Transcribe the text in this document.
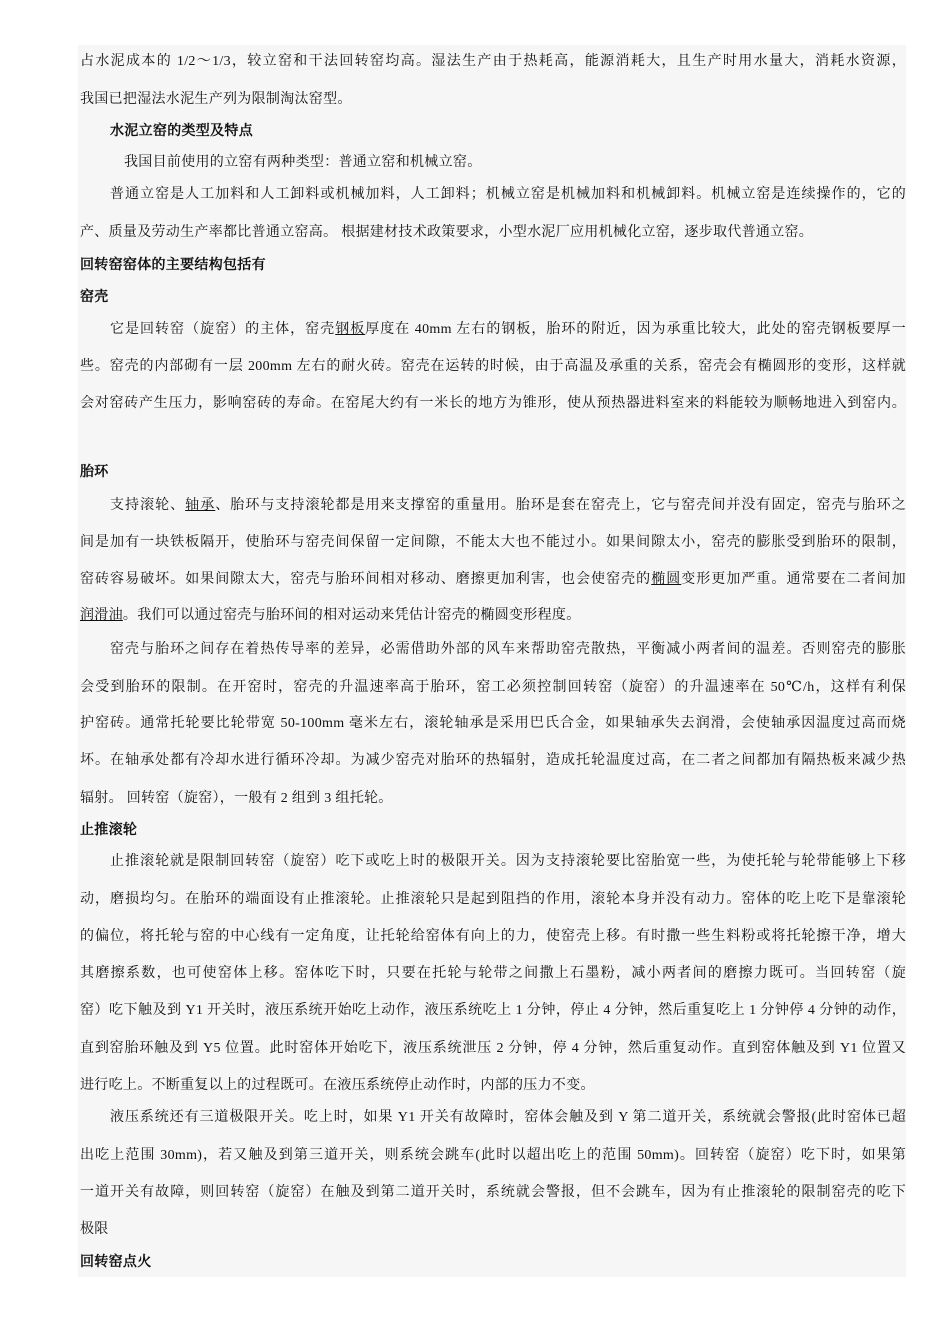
占水泥成本的 1/2～1/3，较立窑和干法回转窑均高。湿法生产由于热耗高，能源消耗大，且生产时用水量大，消耗水资源，
我国已把湿法水泥生产列为限制淘汰窑型。
水泥立窑的类型及特点
我国目前使用的立窑有两种类型：普通立窑和机械立窑。
普通立窑是人工加料和人工卸料或机械加料，人工卸料；机械立窑是机械加料和机械卸料。机械立窑是连续操作的，它的
产、质量及劳动生产率都比普通立窑高。 根据建材技术政策要求，小型水泥厂应用机械化立窑，逐步取代普通立窑。
回转窑窑体的主要结构包括有
窑壳
它是回转窑（旋窑）的主体，窑壳钢板厚度在 40mm 左右的钢板，胎环的附近，因为承重比较大，此处的窑壳钢板要厚一
些。窑壳的内部砌有一层 200mm 左右的耐火砖。窑壳在运转的时候，由于高温及承重的关系，窑壳会有椭圆形的变形，这样就
会对窑砖产生压力，影响窑砖的寿命。在窑尾大约有一米长的地方为锥形，使从预热器进料室来的料能较为顺畅地进入到窑内。
胎环
支持滚轮、轴承、胎环与支持滚轮都是用来支撑窑的重量用。胎环是套在窑壳上，它与窑壳间并没有固定，窑壳与胎环之
间是加有一块铁板隔开，使胎环与窑壳间保留一定间隙，不能太大也不能过小。如果间隙太小，窑壳的膨胀受到胎环的限制，
窑砖容易破坏。如果间隙太大，窑壳与胎环间相对移动、磨擦更加利害，也会使窑壳的椭圆变形更加严重。通常要在二者间加
润滑油。我们可以通过窑壳与胎环间的相对运动来凭估计窑壳的椭圆变形程度。
窑壳与胎环之间存在着热传导率的差异，必需借助外部的风车来帮助窑壳散热，平衡减小两者间的温差。否则窑壳的膨胀
会受到胎环的限制。在开窑时，窑壳的升温速率高于胎环，窑工必须控制回转窑（旋窑）的升温速率在 50℃/h，这样有利保
护窑砖。通常托轮要比轮带宽 50-100mm 毫米左右，滚轮轴承是采用巴氏合金，如果轴承失去润滑，会使轴承因温度过高而烧
坏。在轴承处都有冷却水进行循环冷却。为减少窑壳对胎环的热辐射，造成托轮温度过高，在二者之间都加有隔热板来减少热
辐射。 回转窑（旋窑），一般有 2 组到 3 组托轮。
止推滚轮
止推滚轮就是限制回转窑（旋窑）吃下或吃上时的极限开关。因为支持滚轮要比窑胎宽一些，为使托轮与轮带能够上下移
动，磨损均匀。在胎环的端面设有止推滚轮。止推滚轮只是起到阻挡的作用，滚轮本身并没有动力。窑体的吃上吃下是靠滚轮
的偏位，将托轮与窑的中心线有一定角度，让托轮给窑体有向上的力，使窑壳上移。有时撒一些生料粉或将托轮擦干净，增大
其磨擦系数，也可使窑体上移。窑体吃下时，只要在托轮与轮带之间撒上石墨粉，减小两者间的磨擦力既可。当回转窑（旋
窑）吃下触及到 Y1 开关时，液压系统开始吃上动作，液压系统吃上 1 分钟，停止 4 分钟，然后重复吃上 1 分钟停 4 分钟的动作，
直到窑胎环触及到 Y5 位置。此时窑体开始吃下，液压系统泄压 2 分钟，停 4 分钟，然后重复动作。直到窑体触及到 Y1 位置又
进行吃上。不断重复以上的过程既可。在液压系统停止动作时，内部的压力不变。
液压系统还有三道极限开关。吃上时，如果 Y1 开关有故障时，窑体会触及到 Y 第二道开关，系统就会警报(此时窑体已超
出吃上范围 30mm)，若又触及到第三道开关，则系统会跳车(此时以超出吃上的范围 50mm)。回转窑（旋窑）吃下时，如果第
一道开关有故障，则回转窑（旋窑）在触及到第二道开关时，系统就会警报，但不会跳车，因为有止推滚轮的限制窑壳的吃下
极限
回转窑点火
